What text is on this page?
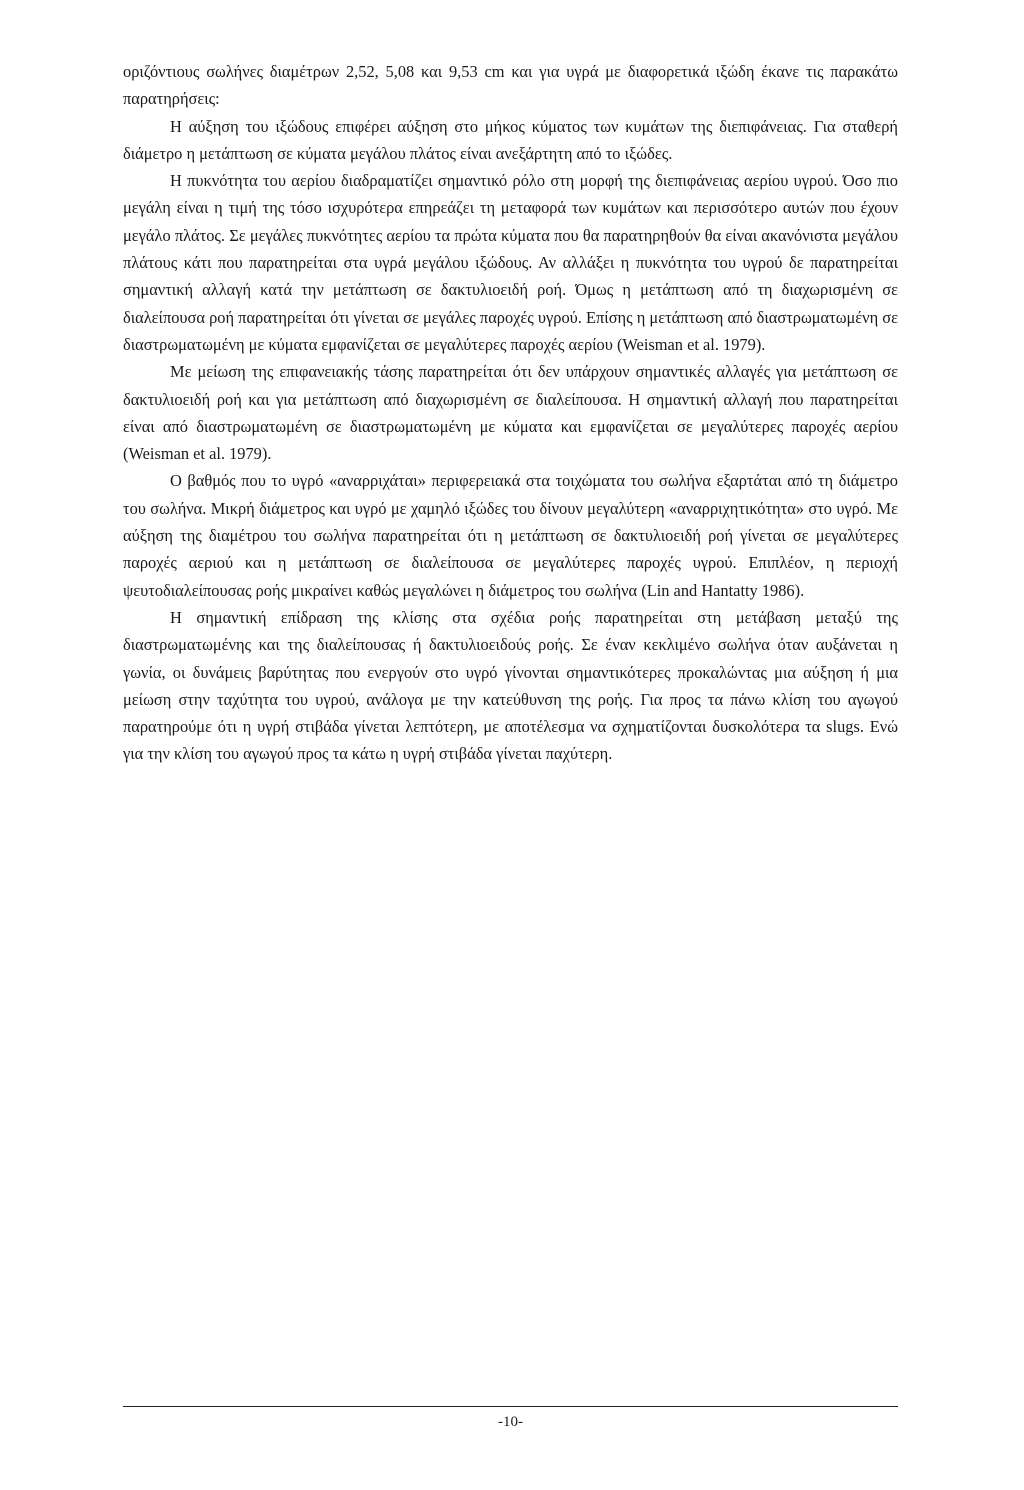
οριζόντιους σωλήνες διαμέτρων 2,52, 5,08 και 9,53 cm και για υγρά με διαφορετικά ιξώδη έκανε τις παρακάτω παρατηρήσεις:

Η αύξηση του ιξώδους επιφέρει αύξηση στο μήκος κύματος των κυμάτων της διεπιφάνειας. Για σταθερή διάμετρο η μετάπτωση σε κύματα μεγάλου πλάτος είναι ανεξάρτητη από το ιξώδες.

Η πυκνότητα του αερίου διαδραματίζει σημαντικό ρόλο στη μορφή της διεπιφάνειας αερίου υγρού. Όσο πιο μεγάλη είναι η τιμή της τόσο ισχυρότερα επηρεάζει τη μεταφορά των κυμάτων και περισσότερο αυτών που έχουν μεγάλο πλάτος. Σε μεγάλες πυκνότητες αερίου τα πρώτα κύματα που θα παρατηρηθούν θα είναι ακανόνιστα μεγάλου πλάτους κάτι που παρατηρείται στα υγρά μεγάλου ιξώδους. Αν αλλάξει η πυκνότητα του υγρού δε παρατηρείται σημαντική αλλαγή κατά την μετάπτωση σε δακτυλιοειδή ροή. Όμως η μετάπτωση από τη διαχωρισμένη σε διαλείπουσα ροή παρατηρείται ότι γίνεται σε μεγάλες παροχές υγρού. Επίσης η μετάπτωση από διαστρωματωμένη σε διαστρωματωμένη με κύματα εμφανίζεται σε μεγαλύτερες παροχές αερίου (Weisman et al. 1979).

Με μείωση της επιφανειακής τάσης παρατηρείται ότι δεν υπάρχουν σημαντικές αλλαγές για μετάπτωση σε δακτυλιοειδή ροή και για μετάπτωση από διαχωρισμένη σε διαλείπουσα. Η σημαντική αλλαγή που παρατηρείται είναι από διαστρωματωμένη σε διαστρωματωμένη με κύματα και εμφανίζεται σε μεγαλύτερες παροχές αερίου (Weisman et al. 1979).

Ο βαθμός που το υγρό «αναρριχάται» περιφερειακά στα τοιχώματα του σωλήνα εξαρτάται από τη διάμετρο του σωλήνα. Μικρή διάμετρος και υγρό με χαμηλό ιξώδες του δίνουν μεγαλύτερη «αναρριχητικότητα» στο υγρό. Με αύξηση της διαμέτρου του σωλήνα παρατηρείται ότι η μετάπτωση σε δακτυλιοειδή ροή γίνεται σε μεγαλύτερες παροχές αεριού και η μετάπτωση σε διαλείπουσα σε μεγαλύτερες παροχές υγρού. Επιπλέον, η περιοχή ψευτοδιαλείπουσας ροής μικραίνει καθώς μεγαλώνει η διάμετρος του σωλήνα (Lin and Hantatty 1986).

Η σημαντική επίδραση της κλίσης στα σχέδια ροής παρατηρείται στη μετάβαση μεταξύ της διαστρωματωμένης και της διαλείπουσας ή δακτυλιοειδούς ροής. Σε έναν κεκλιμένο σωλήνα όταν αυξάνεται η γωνία, οι δυνάμεις βαρύτητας που ενεργούν στο υγρό γίνονται σημαντικότερες προκαλώντας μια αύξηση ή μια μείωση στην ταχύτητα του υγρού, ανάλογα με την κατεύθυνση της ροής. Για προς τα πάνω κλίση του αγωγού παρατηρούμε ότι η υγρή στιβάδα γίνεται λεπτότερη, με αποτέλεσμα να σχηματίζονται δυσκολότερα τα slugs. Ενώ για την κλίση του αγωγού προς τα κάτω η υγρή στιβάδα γίνεται παχύτερη.

-10-
